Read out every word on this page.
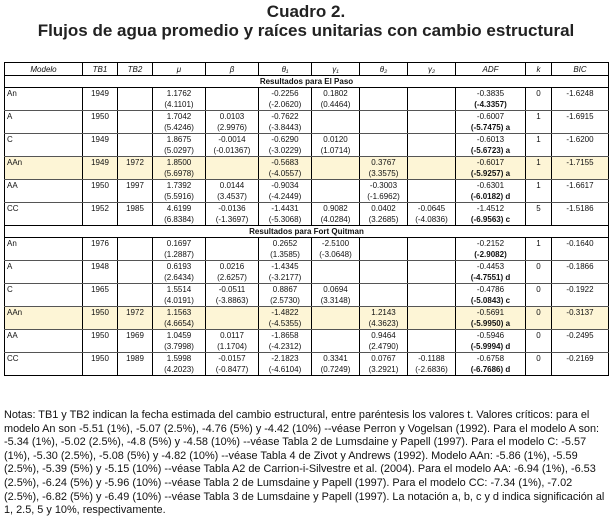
Cuadro 2.
Flujos de agua promedio y raíces unitarias con cambio estructural
Modelo	TB1	TB2	μ	β	θ₁	γ₁	θ₂	γ₂	ADF	k	BIC
Resultados para El Paso											
An	1949		1.1762		-0.2256	0.1802			-0.3835	0	-1.6248
			(4.1101)		(-2.0620)	(0.4464)			(-4.3357)		
A	1950		1.7042	0.0103	-0.7622				-0.6007	1	-1.6915
			(5.4246)	(2.9976)	(-3.8443)				(-5.7475) a		
C	1949		1.8675	-0.0014	-0.6290	0.0120			-0.6013	1	-1.6200
			(5.0297)	(-0.01367)	(-3.0229)	(1.0714)			(-5.6723) a		
AAn	1949	1972	1.8500		-0.5683		0.3767		-0.6017	1	-1.7155
			(5.6978)		(-4.0557)		(3.3575)		(-5.9257) a		
AA	1950	1997	1.7392	0.0144	-0.9034		-0.3003		-0.6301	1	-1.6617
			(5.5916)	(3.4537)	(-4.2449)		(-1.6962)		(-6.0182) d		
CC	1952	1985	4.6199	-0.0136	-1.4431	0.9082	0.0402	-0.0645	-1.4512	5	-1.5186
			(6.8384)	(-1.3697)	(-5.3068)	(4.0284)	(3.2685)	(-4.0836)	(-6.9563) c		
Resultados para Fort Quitman											
An	1976		0.1697		0.2652	-2.5100			-0.2152	1	-0.1640
			(1.2887)		(1.3585)	(-3.0648)			(-2.9082)		
A	1948		0.6193	0.0216	-1.4345				-0.4453	0	-0.1866
			(2.6434)	(2.6257)	(-3.2177)				(-4.7551) d		
C	1965		1.5514	-0.0511	0.8867	0.0694			-0.4786	0	-0.1922
			(4.0191)	(-3.8863)	(2.5730)	(3.3148)			(-5.0843) c		
AAn	1950	1972	1.1563		-1.4822		1.2143		-0.5691	0	-0.3137
			(4.6654)		(-4.5355)		(4.3623)		(-5.9950) a		
AA	1950	1969	1.0459	0.0117	-1.8658		0.9464		-0.5946	0	-0.2495
			(3.7998)	(1.1704)	(-4.2312)		(2.4790)		(-5.9994) d		
CC	1950	1989	1.5998	-0.0157	-2.1823	0.3341	0.0767	-0.1188	-0.6758	0	-0.2169
			(4.2023)	(-0.8477)	(-4.6104)	(0.7249)	(3.2921)	(-2.6836)	(-6.7686) d		
Notas: TB1 y TB2 indican la fecha estimada del cambio estructural, entre paréntesis los valores t. Valores críticos: para el modelo An son -5.51 (1%), -5.07 (2.5%), -4.76 (5%) y -4.42 (10%) --véase Perron y Vogelsan (1992). Para el modelo A son: -5.34 (1%), -5.02 (2.5%), -4.8 (5%) y -4.58 (10%) --véase Tabla 2 de Lumsdaine y Papell (1997). Para el modelo C: -5.57 (1%), -5.30 (2.5%), -5.08 (5%) y -4.82 (10%) --véase Tabla 4 de Zivot y Andrews (1992). Modelo AAn: -5.86 (1%), -5.59 (2.5%), -5.39 (5%) y -5.15 (10%) --véase Tabla A2 de Carrion-i-Silvestre et al. (2004). Para el modelo AA: -6.94 (1%), -6.53 (2.5%), -6.24 (5%) y -5.96 (10%) --véase Tabla 2 de Lumsdaine y Papell (1997). Para el modelo CC: -7.34 (1%), -7.02 (2.5%), -6.82 (5%) y -6.49 (10%) --véase Tabla 3 de Lumsdaine y Papell (1997). La notación a, b, c y d indica significación al 1, 2.5, 5 y 10%, respectivamente.
